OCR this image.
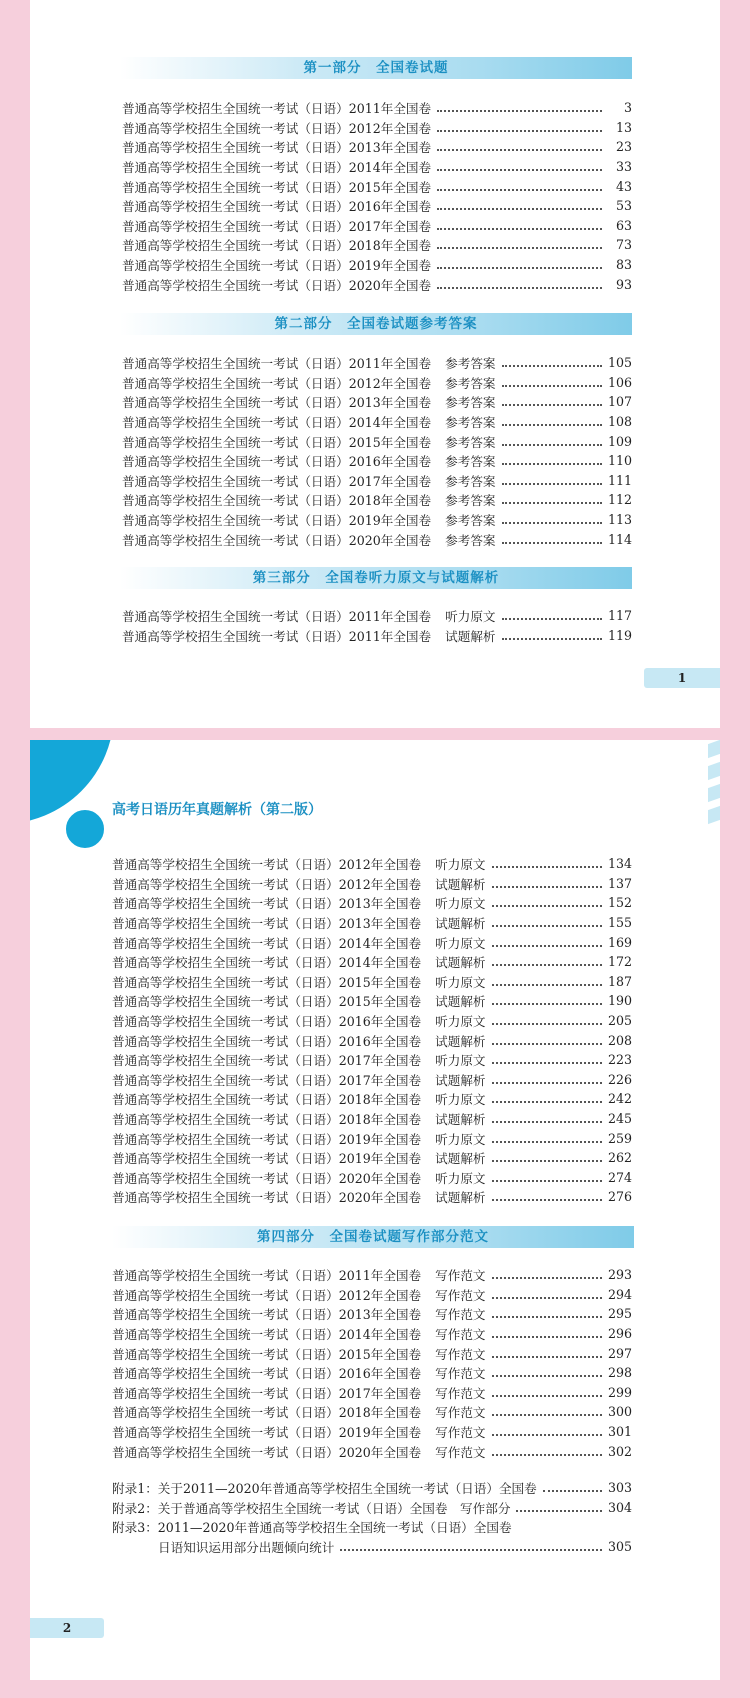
第一部分　全国卷试题
普通高等学校招生全国统一考试（日语）2011年全国卷	3
普通高等学校招生全国统一考试（日语）2012年全国卷	13
普通高等学校招生全国统一考试（日语）2013年全国卷	23
普通高等学校招生全国统一考试（日语）2014年全国卷	33
普通高等学校招生全国统一考试（日语）2015年全国卷	43
普通高等学校招生全国统一考试（日语）2016年全国卷	53
普通高等学校招生全国统一考试（日语）2017年全国卷	63
普通高等学校招生全国统一考试（日语）2018年全国卷	73
普通高等学校招生全国统一考试（日语）2019年全国卷	83
普通高等学校招生全国统一考试（日语）2020年全国卷	93
第二部分　全国卷试题参考答案
普通高等学校招生全国统一考试（日语）2011年全国卷 参考答案	105
普通高等学校招生全国统一考试（日语）2012年全国卷 参考答案	106
普通高等学校招生全国统一考试（日语）2013年全国卷 参考答案	107
普通高等学校招生全国统一考试（日语）2014年全国卷 参考答案	108
普通高等学校招生全国统一考试（日语）2015年全国卷 参考答案	109
普通高等学校招生全国统一考试（日语）2016年全国卷 参考答案	110
普通高等学校招生全国统一考试（日语）2017年全国卷 参考答案	111
普通高等学校招生全国统一考试（日语）2018年全国卷 参考答案	112
普通高等学校招生全国统一考试（日语）2019年全国卷 参考答案	113
普通高等学校招生全国统一考试（日语）2020年全国卷 参考答案	114
第三部分　全国卷听力原文与试题解析
普通高等学校招生全国统一考试（日语）2011年全国卷 听力原文	117
普通高等学校招生全国统一考试（日语）2011年全国卷 试题解析	119
1
高考日语历年真题解析（第二版）
普通高等学校招生全国统一考试（日语）2012年全国卷 听力原文	134
普通高等学校招生全国统一考试（日语）2012年全国卷 试题解析	137
普通高等学校招生全国统一考试（日语）2013年全国卷 听力原文	152
普通高等学校招生全国统一考试（日语）2013年全国卷 试题解析	155
普通高等学校招生全国统一考试（日语）2014年全国卷 听力原文	169
普通高等学校招生全国统一考试（日语）2014年全国卷 试题解析	172
普通高等学校招生全国统一考试（日语）2015年全国卷 听力原文	187
普通高等学校招生全国统一考试（日语）2015年全国卷 试题解析	190
普通高等学校招生全国统一考试（日语）2016年全国卷 听力原文	205
普通高等学校招生全国统一考试（日语）2016年全国卷 试题解析	208
普通高等学校招生全国统一考试（日语）2017年全国卷 听力原文	223
普通高等学校招生全国统一考试（日语）2017年全国卷 试题解析	226
普通高等学校招生全国统一考试（日语）2018年全国卷 听力原文	242
普通高等学校招生全国统一考试（日语）2018年全国卷 试题解析	245
普通高等学校招生全国统一考试（日语）2019年全国卷 听力原文	259
普通高等学校招生全国统一考试（日语）2019年全国卷 试题解析	262
普通高等学校招生全国统一考试（日语）2020年全国卷 听力原文	274
普通高等学校招生全国统一考试（日语）2020年全国卷 试题解析	276
第四部分　全国卷试题写作部分范文
普通高等学校招生全国统一考试（日语）2011年全国卷 写作范文	293
普通高等学校招生全国统一考试（日语）2012年全国卷 写作范文	294
普通高等学校招生全国统一考试（日语）2013年全国卷 写作范文	295
普通高等学校招生全国统一考试（日语）2014年全国卷 写作范文	296
普通高等学校招生全国统一考试（日语）2015年全国卷 写作范文	297
普通高等学校招生全国统一考试（日语）2016年全国卷 写作范文	298
普通高等学校招生全国统一考试（日语）2017年全国卷 写作范文	299
普通高等学校招生全国统一考试（日语）2018年全国卷 写作范文	300
普通高等学校招生全国统一考试（日语）2019年全国卷 写作范文	301
普通高等学校招生全国统一考试（日语）2020年全国卷 写作范文	302
附录1：关于2011—2020年普通高等学校招生全国统一考试（日语）全国卷	303
附录2：关于普通高等学校招生全国统一考试（日语）全国卷　写作部分	304
附录3：2011—2020年普通高等学校招生全国统一考试（日语）全国卷
日语知识运用部分出题倾向统计	305
2
